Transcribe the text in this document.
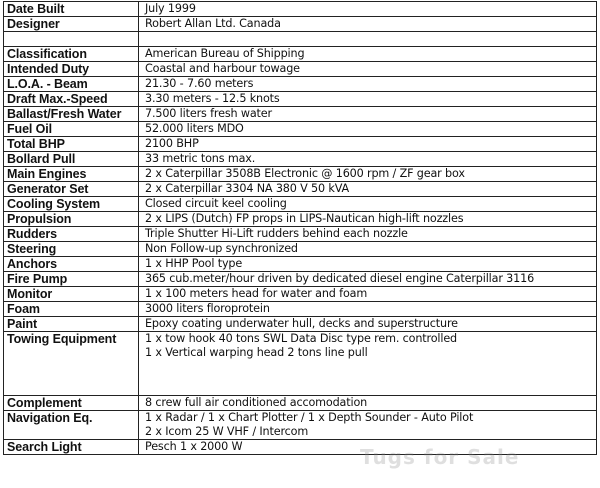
Date Built	July 1999

Designer	Robert Allan Ltd. Canada

Classification	American Bureau of Shipping

Intended Duty	Coastal and harbour towage

L.O.A. - Beam	21.30 - 7.60 meters

Draft Max.-Speed	3.30 meters - 12.5 knots

Ballast/Fresh Water	7.500 liters fresh water

Fuel Oil	52.000 liters MDO

Total BHP	2100 BHP

Bollard Pull	33 metric tons max.

Main Engines	2 x Caterpillar 3508B Electronic @ 1600 rpm / ZF gear box

Generator Set	2 x Caterpillar 3304 NA 380 V 50 kVA

Cooling System	Closed circuit keel cooling

Propulsion	2 x LIPS (Dutch) FP props in LIPS-Nautican high-lift nozzles

Rudders	Triple Shutter Hi-Lift rudders behind each nozzle

Steering	Non Follow-up synchronized

Anchors	1 x HHP Pool type

Fire Pump	365 cub.meter/hour driven by dedicated diesel engine Caterpillar 3116

Monitor	1 x 100 meters head for water and foam

Foam	3000 liters floroprotein

Paint	Epoxy coating underwater hull, decks and superstructure

Towing Equipment	1 x tow hook 40 tons SWL Data Disc type rem. controlled
1 x Vertical warping head 2 tons line pull

Complement	8 crew full air conditioned accomodation

Navigation Eq.	1 x Radar / 1 x Chart Plotter / 1 x Depth Sounder - Auto Pilot
2 x Icom 25 W VHF / Intercom

Search Light	Pesch 1 x 2000 W	Tugs for Sale
